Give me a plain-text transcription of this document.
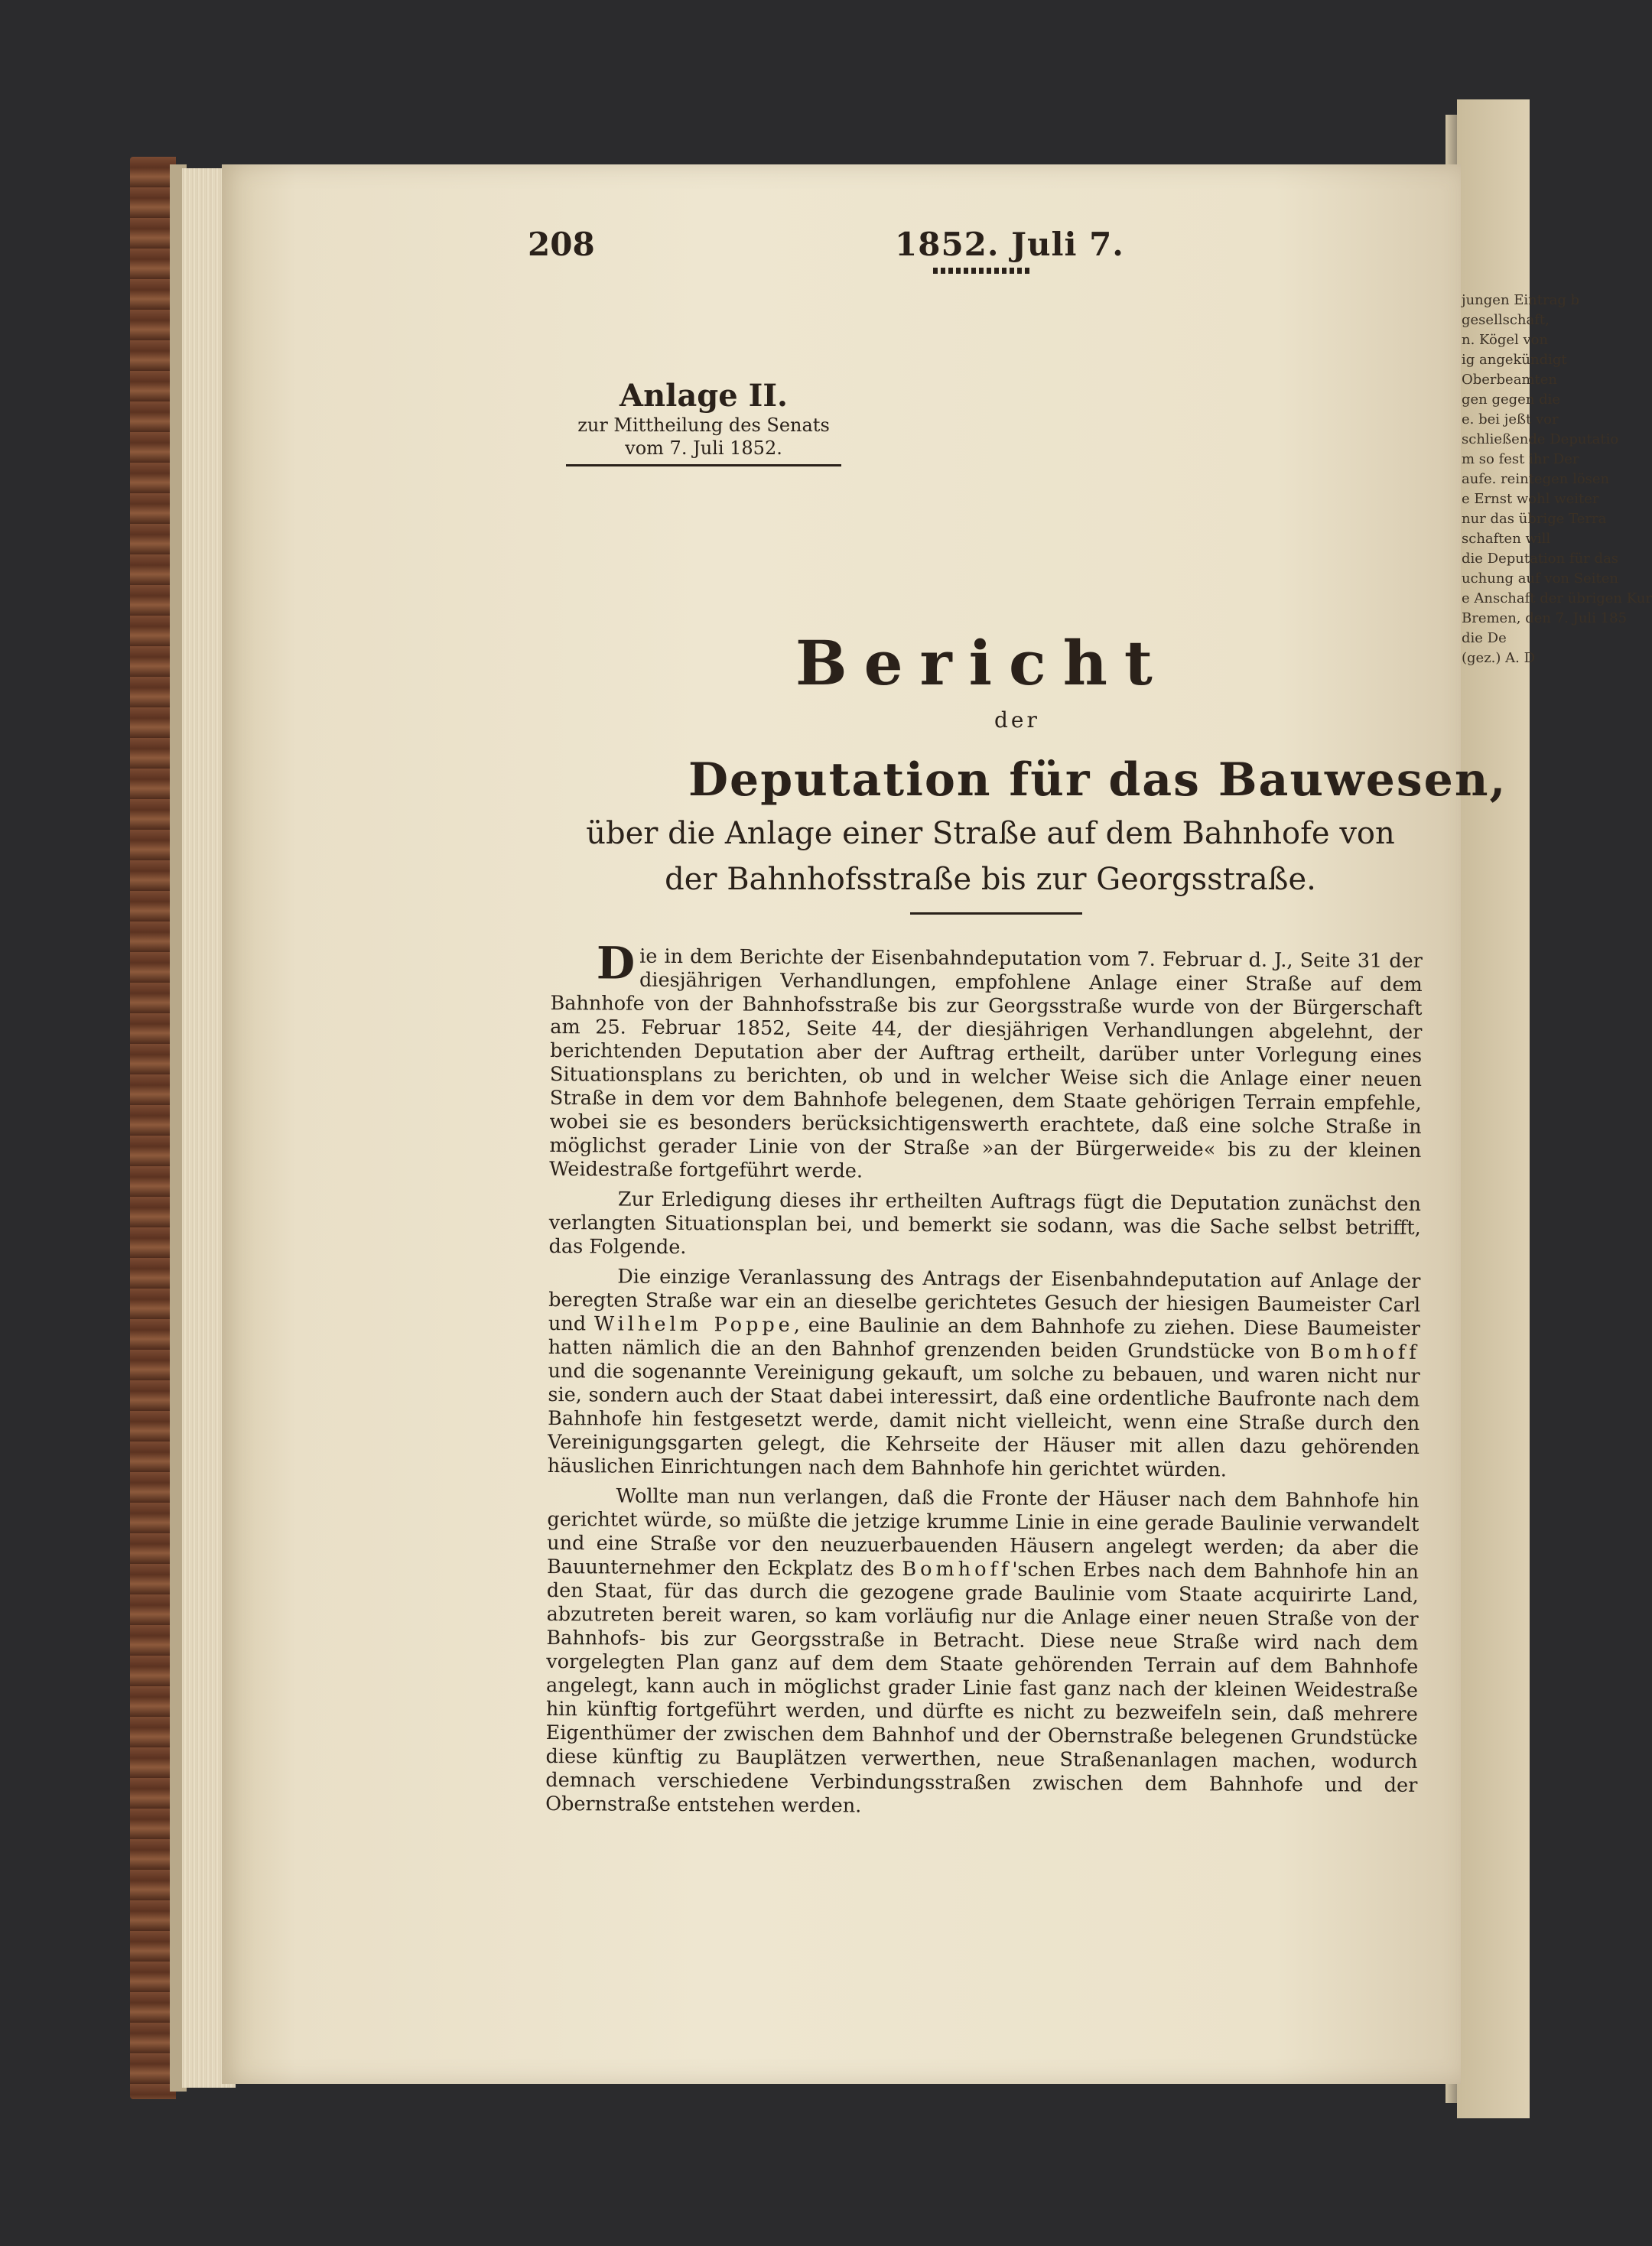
jungen Eintrag b
gesellschaft,
n. Kögel von
ig angekündigt
Oberbeamten
gen gegen die
e. bei jeßt vor
schließende Deputatio
m so fest ihr Der
aufe. reintegen lösen
e Ernst wohl weiter
nur das übrige Terra
schaften will
die Deputation für das
uchung auf von Seiten
e Anschaft der übrigen Kur
Bremen, den 7. Juli 185
die De
(gez.) A. D
208	1852. Juli 7.
Anlage II.
zur Mittheilung des Senats
vom 7. Juli 1852.
Bericht
der
Deputation für das Bauwesen,
über die Anlage einer Straße auf dem Bahnhofe von der Bahnhofsstraße bis zur Georgsstraße.

Die in dem Berichte der Eisenbahndeputation vom 7. Februar d. J., Seite 31 der diesjährigen Verhandlungen, empfohlene Anlage einer Straße auf dem Bahnhofe von der Bahnhofsstraße bis zur Georgsstraße wurde von der Bürgerschaft am 25. Februar 1852, Seite 44, der diesjährigen Verhandlungen abgelehnt, der berichtenden Deputation aber der Auftrag ertheilt, darüber unter Vorlegung eines Situationsplans zu berichten, ob und in welcher Weise sich die Anlage einer neuen Straße in dem vor dem Bahnhofe belegenen, dem Staate gehörigen Terrain empfehle, wobei sie es besonders berücksichtigenswerth erachtete, daß eine solche Straße in möglichst gerader Linie von der Straße »an der Bürgerweide« bis zu der kleinen Weidestraße fortgeführt werde.

Zur Erledigung dieses ihr ertheilten Auftrags fügt die Deputation zunächst den verlangten Situationsplan bei, und bemerkt sie sodann, was die Sache selbst betrifft, das Folgende.

Die einzige Veranlassung des Antrags der Eisenbahndeputation auf Anlage der beregten Straße war ein an dieselbe gerichtetes Gesuch der hiesigen Baumeister Carl und Wilhelm Poppe, eine Baulinie an dem Bahnhofe zu ziehen. Diese Baumeister hatten nämlich die an den Bahnhof grenzenden beiden Grundstücke von Bomhoff und die sogenannte Vereinigung gekauft, um solche zu bebauen, und waren nicht nur sie, sondern auch der Staat dabei interessirt, daß eine ordentliche Baufronte nach dem Bahnhofe hin festgesetzt werde, damit nicht vielleicht, wenn eine Straße durch den Vereinigungsgarten gelegt, die Kehrseite der Häuser mit allen dazu gehörenden häuslichen Einrichtungen nach dem Bahnhofe hin gerichtet würden.

Wollte man nun verlangen, daß die Fronte der Häuser nach dem Bahnhofe hin gerichtet würde, so müßte die jetzige krumme Linie in eine gerade Baulinie verwandelt und eine Straße vor den neuzuerbauenden Häusern angelegt werden; da aber die Bauunternehmer den Eckplatz des Bomhoff'schen Erbes nach dem Bahnhofe hin an den Staat, für das durch die gezogene grade Baulinie vom Staate acquirirte Land, abzutreten bereit waren, so kam vorläufig nur die Anlage einer neuen Straße von der Bahnhofs- bis zur Georgsstraße in Betracht. Diese neue Straße wird nach dem vorgelegten Plan ganz auf dem dem Staate gehörenden Terrain auf dem Bahnhofe angelegt, kann auch in möglichst grader Linie fast ganz nach der kleinen Weidestraße hin künftig fortgeführt werden, und dürfte es nicht zu bezweifeln sein, daß mehrere Eigenthümer der zwischen dem Bahnhof und der Obernstraße belegenen Grundstücke diese künftig zu Bauplätzen verwerthen, neue Straßenanlagen machen, wodurch demnach verschiedene Verbindungsstraßen zwischen dem Bahnhofe und der Obernstraße entstehen werden.
